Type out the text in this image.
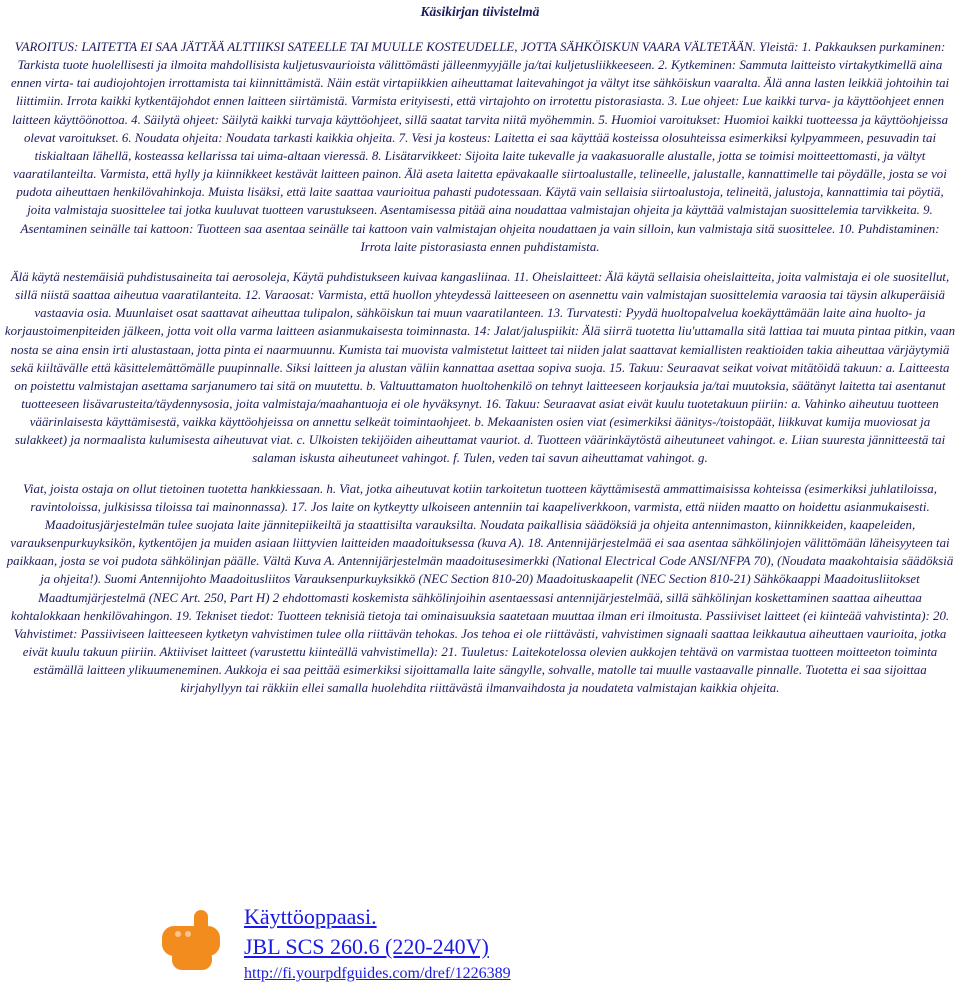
Käsikirjan tiivistelmä

VAROITUS: LAITETTA EI SAA JÄTTÄÄ ALTTIIKSI SATEELLE TAI MUULLE KOSTEUDELLE, JOTTA SÄHKÖISKUN VAARA VÄLTETÄÄN. Yleistä: 1. Pakkauksen purkaminen: Tarkista tuote huolellisesti ja ilmoita mahdollisista kuljetusvaurioista välittömästi jälleenmyyjälle ja/tai kuljetusliikkeeseen. 2. Kytkeminen: Sammuta laitteisto virtakytkimellä aina ennen virta- tai audiojohtojen irrottamista tai kiinnittämistä. Näin estät virtapiikkien aiheuttamat laitevahingot ja vältyt itse sähköiskun vaaralta. Älä anna lasten leikkiä johtoihin tai liittimiin. Irrota kaikki kytkentäjohdot ennen laitteen siirtämistä. Varmista erityisesti, että virtajohto on irrotettu pistorasiasta. 3. Lue ohjeet: Lue kaikki turva- ja käyttöohjeet ennen laitteen käyttöönottoa. 4. Säilytä ohjeet: Säilytä kaikki turvaja käyttöohjeet, sillä saatat tarvita niitä myöhemmin. 5. Huomioi varoitukset: Huomioi kaikki tuotteessa ja käyttöohjeissa olevat varoitukset. 6. Noudata ohjeita: Noudata tarkasti kaikkia ohjeita. 7. Vesi ja kosteus: Laitetta ei saa käyttää kosteissa olosuhteissa esimerkiksi kylpyammeen, pesuvadin tai tiskialtaan lähellä, kosteassa kellarissa tai uima-altaan vieressä. 8. Lisätarvikkeet: Sijoita laite tukevalle ja vaakasuoralle alustalle, jotta se toimisi moitteettomasti, ja vältyt vaaratilanteilta. Varmista, että hylly ja kiinnikkeet kestävät laitteen painon. Älä aseta laitetta epävakaalle siirtoalustalle, telineelle, jalustalle, kannattimelle tai pöydälle, josta se voi pudota aiheuttaen henkilövahinkoja. Muista lisäksi, että laite saattaa vaurioitua pahasti pudotessaan. Käytä vain sellaisia siirtoalustoja, telineitä, jalustoja, kannattimia tai pöytiä, joita valmistaja suosittelee tai jotka kuuluvat tuotteen varustukseen. Asentamisessa pitää aina noudattaa valmistajan ohjeita ja käyttää valmistajan suosittelemia tarvikkeita. 9. Asentaminen seinälle tai kattoon: Tuotteen saa asentaa seinälle tai kattoon vain valmistajan ohjeita noudattaen ja vain silloin, kun valmistaja sitä suosittelee. 10. Puhdistaminen: Irrota laite pistorasiasta ennen puhdistamista.

Älä käytä nestemäisiä puhdistusaineita tai aerosoleja, Käytä puhdistukseen kuivaa kangasliinaa. 11. Oheislaitteet: Älä käytä sellaisia oheislaitteita, joita valmistaja ei ole suositellut, sillä niistä saattaa aiheutua vaaratilanteita. 12. Varaosat: Varmista, että huollon yhteydessä laitteeseen on asennettu vain valmistajan suosittelemia varaosia tai täysin alkuperäisiä vastaavia osia. Muunlaiset osat saattavat aiheuttaa tulipalon, sähköiskun tai muun vaaratilanteen. 13. Turvatesti: Pyydä huoltopalvelua koekäyttämään laite aina huolto- ja korjaustoimenpiteiden jälkeen, jotta voit olla varma laitteen asianmukaisesta toiminnasta. 14: Jalat/jaluspiikit: Älä siirrä tuotetta liu'uttamalla sitä lattiaa tai muuta pintaa pitkin, vaan nosta se aina ensin irti alustastaan, jotta pinta ei naarmuunnu. Kumista tai muovista valmistetut laitteet tai niiden jalat saattavat kemiallisten reaktioiden takia aiheuttaa värjäytymiä sekä kiiltävälle että käsittelemättömälle puupinnalle. Siksi laitteen ja alustan väliin kannattaa asettaa sopiva suoja. 15. Takuu: Seuraavat seikat voivat mitätöidä takuun: a. Laitteesta on poistettu valmistajan asettama sarjanumero tai sitä on muutettu. b. Valtuuttamaton huoltohenkilö on tehnyt laitteeseen korjauksia ja/tai muutoksia, säätänyt laitetta tai asentanut tuotteeseen lisävarusteita/täydennysosia, joita valmistaja/maahantuoja ei ole hyväksynyt. 16. Takuu: Seuraavat asiat eivät kuulu tuotetakuun piiriin: a. Vahinko aiheutuu tuotteen väärinlaisesta käyttämisestä, vaikka käyttöohjeissa on annettu selkeät toimintaohjeet. b. Mekaanisten osien viat (esimerkiksi äänitys-/toistopäät, liikkuvat kumija muoviosat ja sulakkeet) ja normaalista kulumisesta aiheutuvat viat. c. Ulkoisten tekijöiden aiheuttamat vauriot. d. Tuotteen väärinkäytöstä aiheutuneet vahingot. e. Liian suuresta jännitteestä tai salaman iskusta aiheutuneet vahingot. f. Tulen, veden tai savun aiheuttamat vahingot. g.

Viat, joista ostaja on ollut tietoinen tuotetta hankkiessaan. h. Viat, jotka aiheutuvat kotiin tarkoitetun tuotteen käyttämisestä ammattimaisissa kohteissa (esimerkiksi juhlatiloissa, ravintoloissa, julkisissa tiloissa tai mainonnassa). 17. Jos laite on kytkeytty ulkoiseen antenniin tai kaapeliverkkoon, varmista, että niiden maatto on hoidettu asianmukaisesti. Maadoitusjärjestelmän tulee suojata laite jännitepiikeiltä ja staattisilta varauksilta. Noudata paikallisia säädöksiä ja ohjeita antennimaston, kiinnikkeiden, kaapeleiden, varauksenpurkuyksikön, kytkentöjen ja muiden asiaan liittyvien laitteiden maadoituksessa (kuva A). 18. Antennijärjestelmää ei saa asentaa sähkölinjojen välittömään läheisyyteen tai paikkaan, josta se voi pudota sähkölinjan päälle. Vältä Kuva A. Antennijärjestelmän maadoitusesimerkki (National Electrical Code ANSI/NFPA 70), (Noudata maakohtaisia säädöksiä ja ohjeita!). Suomi Antennijohto Maadoitusliitos Varauksenpurkuyksikkö (NEC Section 810-20) Maadoituskaapelit (NEC Section 810-21) Sähkökaappi Maadoitusliitokset Maadtumjärjestelmä (NEC Art. 250, Part H) 2 ehdottomasti koskemista sähkölinjoihin asentaessasi antennijärjestelmää, sillä sähkölinjan koskettaminen saattaa aiheuttaa kohtalokkaan henkilövahingon. 19. Tekniset tiedot: Tuotteen teknisiä tietoja tai ominaisuuksia saatetaan muuttaa ilman eri ilmoitusta. Passiiviset laitteet (ei kiinteää vahvistinta): 20. Vahvistimet: Passiiviseen laitteeseen kytketyn vahvistimen tulee olla riittävän tehokas. Jos tehoa ei ole riittävästi, vahvistimen signaali saattaa leikkautua aiheuttaen vaurioita, jotka eivät kuulu takuun piiriin. Aktiiviset laitteet (varustettu kiinteällä vahvistimella): 21. Tuuletus: Laitekotelossa olevien aukkojen tehtävä on varmistaa tuotteen moitteeton toiminta estämällä laitteen ylikuumeneminen. Aukkoja ei saa peittää esimerkiksi sijoittamalla laite sängylle, sohvalle, matolle tai muulle vastaavalle pinnalle. Tuotetta ei saa sijoittaa kirjahyllyyn tai räkkiin ellei samalla huolehdita riittävästä ilmanvaihdosta ja noudateta valmistajan kaikkia ohjeita.

Käyttöoppaasi.
JBL SCS 260.6 (220-240V)
http://fi.yourpdfguides.com/dref/1226389
